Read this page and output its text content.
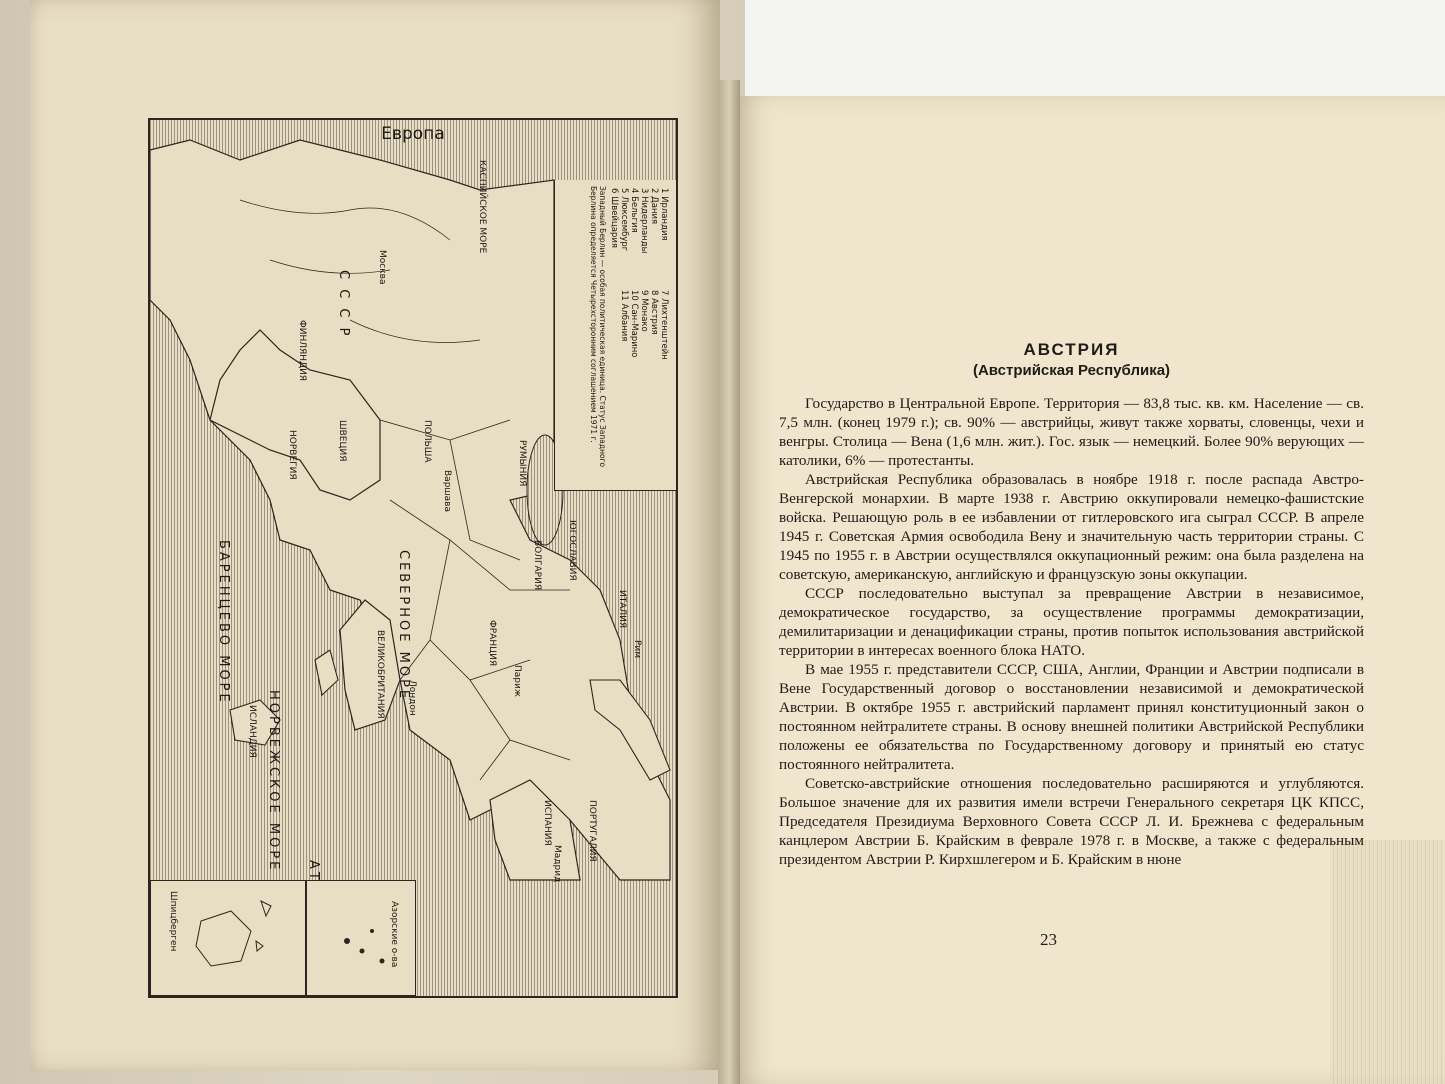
БАРЕНЦЕВО МОРЕ
НОРВЕЖСКОЕ МОРЕ
СЕВЕРНОЕ МОРЕ
КАСПИЙСКОЕ МОРЕ
С С С Р
ФИНЛЯНДИЯ
ШВЕЦИЯ
НОРВЕГИЯ	ПОЛЬША	РУМЫНИЯ
БОЛГАРИЯ	ЮГОСЛАВИЯ
ИТАЛИЯ
ФРАНЦИЯ
ИСПАНИЯ	ПОРТУГАЛИЯ
ВЕЛИКОБРИТАНИЯ
ИСЛАНДИЯ
Москва
Варшава
Париж
Лондон
Рим
Мадрид
Европа
1 Ирландия
2 Дания
3 Нидерланды
4 Бельгия
5 Люксембург
6 Швейцария
7 Лихтенштейн
8 Австрия
9 Монако
10 Сан-Марино
11 Албания
Западный Берлин — особая политическая единица. Статус Западного Берлина определяется Четырехсторонним соглашением 1971 г.
Шпицберген	Азорские о-ва
АВСТРИЯ
(Австрийская Республика)

Государство в Центральной Европе. Территория — 83,8 тыс. кв. км. Население — св. 7,5 млн. (конец 1979 г.); св. 90% — австрийцы, живут также хорваты, словенцы, чехи и венгры. Столица — Вена (1,6 млн. жит.). Гос. язык — немецкий. Более 90% верующих — католики, 6% — протестанты.

Австрийская Республика образовалась в ноябре 1918 г. после распада Австро-Венгерской монархии. В марте 1938 г. Австрию оккупировали немецко-фашистские войска. Решающую роль в ее избавлении от гитлеровского ига сыграл СССР. В апреле 1945 г. Советская Армия освободила Вену и значительную часть территории страны. С 1945 по 1955 г. в Австрии осуществлялся оккупационный режим: она была разделена на советскую, американскую, английскую и французскую зоны оккупации.

СССР последовательно выступал за превращение Австрии в независимое, демократическое государство, за осуществление программы демократизации, демилитаризации и денацификации страны, против попыток использования австрийской территории в интересах военного блока НАТО.

В мае 1955 г. представители СССР, США, Англии, Франции и Австрии подписали в Вене Государственный договор о восстановлении независимой и демократической Австрии. В октябре 1955 г. австрийский парламент принял конституционный закон о постоянном нейтралитете страны. В основу внешней политики Австрийской Республики положены ее обязательства по Государственному договору и принятый ею статус постоянного нейтралитета.

Советско-австрийские отношения последовательно расширяются и углубляются. Большое значение для их развития имели встречи Генерального секретаря ЦК КПСС, Председателя Президиума Верховного Совета СССР Л. И. Брежнева с федеральным канцлером Австрии Б. Крайским в феврале 1978 г. в Москве, а также с федеральным президентом Австрии Р. Кирхшлегером и Б. Крайским в нюне

23
